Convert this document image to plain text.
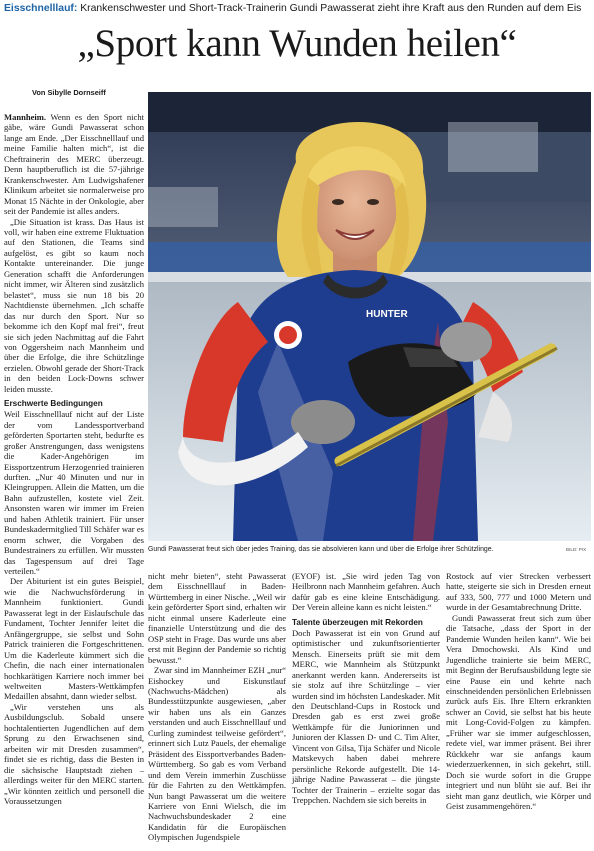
Eisschnelllauf: Krankenschwester und Short-Track-Trainerin Gundi Pawasserat zieht ihre Kraft aus den Runden auf dem Eis
„Sport kann Wunden heilen“
Von Sibylle Dornseiff

Mannheim. Wenn es den Sport nicht gäbe, wäre Gundi Pawasserat schon lange am Ende. „Der Eisschnelllauf und meine Familie halten mich“, ist die Cheftrainerin des MERC überzeugt. Denn hauptberuflich ist die 57-jährige Krankenschwester. Am Ludwigshafener Klinikum arbeitet sie normalerweise pro Monat 15 Nächte in der Onkologie, aber seit der Pandemie ist alles anders.

„Die Situation ist krass. Das Haus ist voll, wir haben eine extreme Fluktuation auf den Stationen, die Teams sind aufgelöst, es gibt so kaum noch Kontakte untereinander. Die junge Generation schafft die Anforderungen nicht immer, wir Älteren sind zusätzlich belastet“, muss sie nun 18 bis 20 Nachtdienste übernehmen. „Ich schaffe das nur durch den Sport. Nur so bekomme ich den Kopf mal frei“, freut sie sich jeden Nachmittag auf die Fahrt von Oggersheim nach Mannheim und über die Erfolge, die ihre Schützlinge erzielen. Obwohl gerade der Short-Track in den beiden Lock-Downs schwer leiden musste.

Erschwerte Bedingungen

Weil Eisschnelllauf nicht auf der Liste der vom Landessportverband geförderten Sportarten steht, bedurfte es großer Anstrengungen, dass wenigstens die Kader-Angehörigen im Eissportzentrum Herzogenried trainieren durften. „Nur 40 Minuten und nur in Kleingruppen. Allein die Matten, um die Bahn aufzustellen, kostete viel Zeit. Ansonsten waren wir immer im Freien und haben Athletik trainiert. Für unser Bundeskadermitglied Till Schäfer war es enorm schwer, die Vorgaben des Bundestrainers zu erfüllen. Wir mussten das Tagespensum auf drei Tage verteilen.“

Der Abiturient ist ein gutes Beispiel, wie die Nachwuchsförderung in Mannheim funktioniert. Gundi Pawasserat legt in der Eislaufschule das Fundament, Tochter Jennifer leitet die Anfängergruppe, sie selbst und Sohn Patrick trainieren die Fortgeschrittenen. Um die Kaderleute kümmert sich die Chefin, die nach einer internationalen hochkarätigen Karriere noch immer bei weltweiten Masters-Wettkämpfen Medaillen absahnt, dann wieder selbst.

„Wir verstehen uns als Ausbildungsclub. Sobald unsere hochtalentierten Jugendlichen auf dem Sprung zu den Erwachsenen sind, arbeiten wir mit Dresden zusammen“, findet sie es richtig, dass die Besten in die sächsische Hauptstadt ziehen – allerdings weiter für den MERC starten. „Wir könnten zeitlich und personell die Voraussetzungen

HUNTER
Gundi Pawasserat freut sich über jedes Training, das sie absolvieren kann und über die Erfolge ihrer Schützlinge.	BILD: PIX

nicht mehr bieten“, steht Pawasserat dem Eisschnelllauf in Baden-Württemberg in einer Nische. „Weil wir kein geförderter Sport sind, erhalten wir nicht einmal unsere Kaderleute eine finanzielle Unterstützung und die des OSP steht in Frage. Das wurde uns aber erst mit Beginn der Pandemie so richtig bewusst.“

Zwar sind im Mannheimer EZH „nur“ Eishockey und Eiskunstlauf (Nachwuchs-Mädchen) als Bundesstützpunkte ausgewiesen, „aber wir haben uns als ein Ganzes verstanden und auch Eisschnelllauf und Curling zumindest teilweise gefördert“, erinnert sich Lutz Pauels, der ehemalige Präsident des Eissportverbandes Baden-Württemberg. So gab es vom Verband und dem Verein immerhin Zuschüsse für die Fahrten zu den Wettkämpfen. Nun bangt Pawasserat um die weitere Karriere von Enni Wielsch, die im Nachwuchsbundeskader 2 eine Kandidatin für die Europäischen Olympischen Jugendspiele

(EYOF) ist. „Sie wird jeden Tag von Heilbronn nach Mannheim gefahren. Auch dafür gab es eine kleine Entschädigung. Der Verein alleine kann es nicht leisten.“

Talente überzeugen mit Rekorden

Doch Pawasserat ist ein von Grund auf optimistischer und zukunftsorientierter Mensch. Einerseits prüft sie mit dem MERC, wie Mannheim als Stützpunkt anerkannt werden kann. Andererseits ist sie stolz auf ihre Schützlinge – vier wurden sind im höchsten Landeskader. Mit den Deutschland-Cups in Rostock und Dresden gab es erst zwei große Wettkämpfe für die Juniorinnen und Junioren der Klassen D- und C. Tim Alter, Vincent von Gilsa, Tija Schäfer und Nicole Matskevych haben dabei mehrere persönliche Rekorde aufgestellt. Die 14-jährige Nadine Pawasserat – die jüngste Tochter der Trainerin – erzielte sogar das Treppchen. Nachdem sie sich bereits in

Rostock auf vier Strecken verbessert hatte, steigerte sie sich in Dresden erneut auf 333, 500, 777 und 1000 Metern und wurde in der Gesamtabrechnung Dritte.

Gundi Pawasserat freut sich zum über die Tatsache, „dass der Sport in der Pandemie Wunden heilen kann“. Wie bei Vera Dmochowski. Als Kind und Jugendliche trainierte sie beim MERC, mit Beginn der Berufsausbildung legte sie eine Pause ein und kehrte nach einschneidenden persönlichen Erlebnissen zurück aufs Eis. Ihre Eltern erkrankten schwer an Covid, sie selbst hat bis heute mit Long-Covid-Folgen zu kämpfen. „Früher war sie immer aufgeschlossen, redete viel, war immer präsent. Bei ihrer Rückkehr war sie anfangs kaum wiederzuerkennen, in sich gekehrt, still. Doch sie wurde sofort in die Gruppe integriert und nun blüht sie auf. Bei ihr sieht man ganz deutlich, wie Körper und Geist zusammengehören.“
